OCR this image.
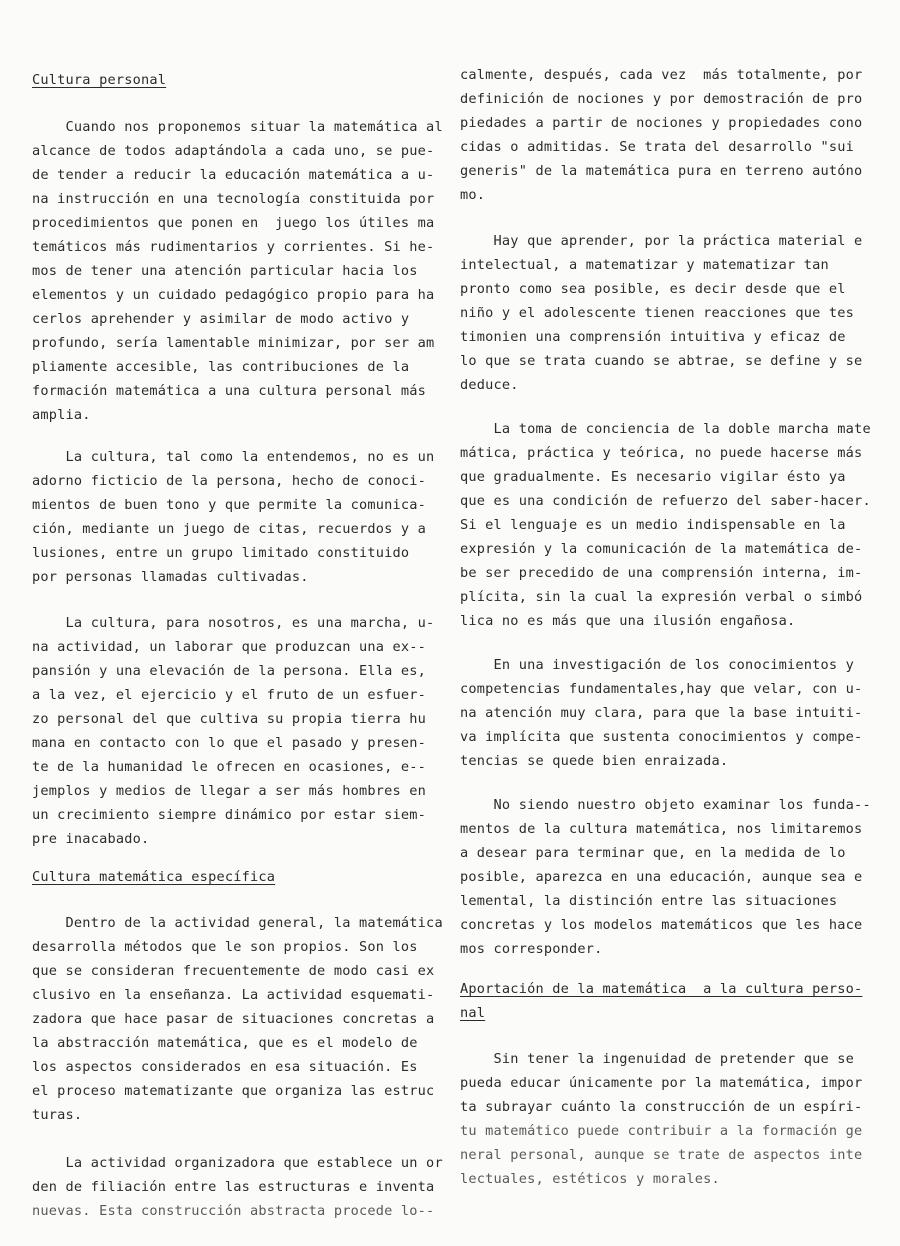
Cultura personal
Cuando nos proponemos situar la matemática al
alcance de todos adaptándola a cada uno, se pue-
de tender a reducir la educación matemática a u-
na instrucción en una tecnología constituida por
procedimientos que ponen en  juego los útiles ma
temáticos más rudimentarios y corrientes. Si he-
mos de tener una atención particular hacia los
elementos y un cuidado pedagógico propio para ha
cerlos aprehender y asimilar de modo activo y
profundo, sería lamentable minimizar, por ser am
pliamente accesible, las contribuciones de la
formación matemática a una cultura personal más
amplia.
La cultura, tal como la entendemos, no es un
adorno ficticio de la persona, hecho de conoci-
mientos de buen tono y que permite la comunica-
ción, mediante un juego de citas, recuerdos y a
lusiones, entre un grupo limitado constituido
por personas llamadas cultivadas.
La cultura, para nosotros, es una marcha, u-
na actividad, un laborar que produzcan una ex--
pansión y una elevación de la persona. Ella es,
a la vez, el ejercicio y el fruto de un esfuer-
zo personal del que cultiva su propia tierra hu
mana en contacto con lo que el pasado y presen-
te de la humanidad le ofrecen en ocasiones, e--
jemplos y medios de llegar a ser más hombres en
un crecimiento siempre dinámico por estar siem-
pre inacabado.
Cultura matemática específica
Dentro de la actividad general, la matemática
desarrolla métodos que le son propios. Son los
que se consideran frecuentemente de modo casi ex
clusivo en la enseñanza. La actividad esquemati-
zadora que hace pasar de situaciones concretas a
la abstracción matemática, que es el modelo de
los aspectos considerados en esa situación. Es
el proceso matematizante que organiza las estruc
turas.
La actividad organizadora que establece un or
den de filiación entre las estructuras e inventa
nuevas. Esta construcción abstracta procede lo--
calmente, después, cada vez  más totalmente, por
definición de nociones y por demostración de pro
piedades a partir de nociones y propiedades cono
cidas o admitidas. Se trata del desarrollo "sui
generis" de la matemática pura en terreno autóno
mo.
Hay que aprender, por la práctica material e
intelectual, a matematizar y matematizar tan
pronto como sea posible, es decir desde que el
niño y el adolescente tienen reacciones que tes
timonien una comprensión intuitiva y eficaz de
lo que se trata cuando se abtrae, se define y se
deduce.
La toma de conciencia de la doble marcha mate
mática, práctica y teórica, no puede hacerse más
que gradualmente. Es necesario vigilar ésto ya
que es una condición de refuerzo del saber-hacer.
Si el lenguaje es un medio indispensable en la
expresión y la comunicación de la matemática de-
be ser precedido de una comprensión interna, im-
plícita, sin la cual la expresión verbal o simbó
lica no es más que una ilusión engañosa.
En una investigación de los conocimientos y
competencias fundamentales,hay que velar, con u-
na atención muy clara, para que la base intuiti-
va implícita que sustenta conocimientos y compe-
tencias se quede bien enraizada.
No siendo nuestro objeto examinar los funda--
mentos de la cultura matemática, nos limitaremos
a desear para terminar que, en la medida de lo
posible, aparezca en una educación, aunque sea e
lemental, la distinción entre las situaciones
concretas y los modelos matemáticos que les hace
mos corresponder.
Aportación de la matemática  a la cultura perso-
nal
Sin tener la ingenuidad de pretender que se
pueda educar únicamente por la matemática, impor
ta subrayar cuánto la construcción de un espíri-
tu matemático puede contribuir a la formación ge
neral personal, aunque se trate de aspectos inte
lectuales, estéticos y morales.
